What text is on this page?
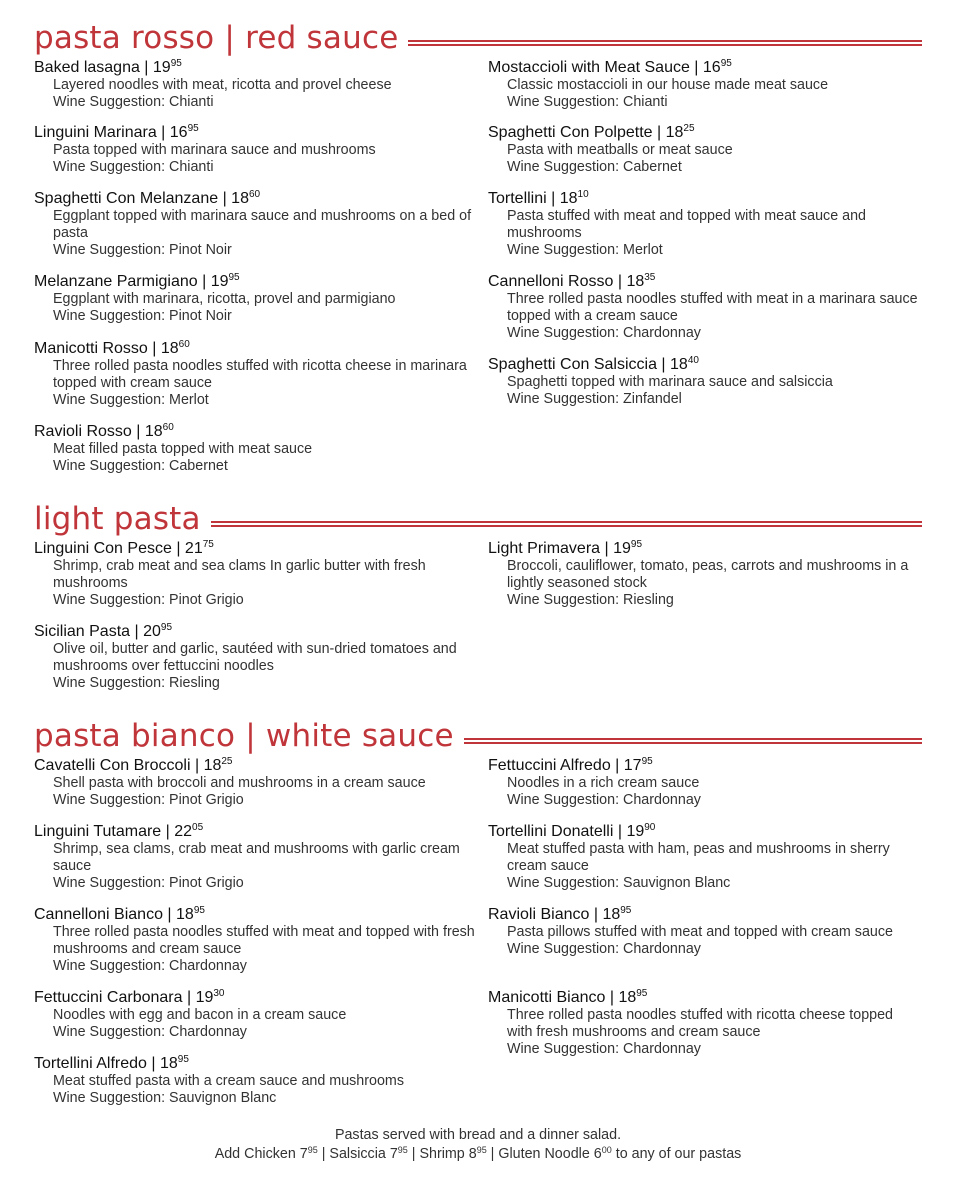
pasta rosso | red sauce
Baked lasagna | $19^{95}$
Layered noodles with meat, ricotta and provel cheese
Wine Suggestion: Chianti
Linguini Marinara | $16^{95}$
Pasta topped with marinara sauce and mushrooms
Wine Suggestion: Chianti
Spaghetti Con Melanzane | $18^{60}$
Eggplant topped with marinara sauce and mushrooms on a bed of pasta
Wine Suggestion: Pinot Noir
Melanzane Parmigiano | $19^{95}$
Eggplant with marinara, ricotta, provel and parmigiano
Wine Suggestion: Pinot Noir
Manicotti Rosso | $18^{60}$
Three rolled pasta noodles stuffed with ricotta cheese in marinara topped with cream sauce
Wine Suggestion: Merlot
Ravioli Rosso | $18^{60}$
Meat filled pasta topped with meat sauce
Wine Suggestion: Cabernet
Mostaccioli with Meat Sauce | $16^{95}$
Classic mostaccioli in our house made meat sauce
Wine Suggestion: Chianti
Spaghetti Con Polpette | $18^{25}$
Pasta with meatballs or meat sauce
Wine Suggestion: Cabernet
Tortellini | $18^{10}$
Pasta stuffed with meat and topped with meat sauce and mushrooms
Wine Suggestion: Merlot
Cannelloni Rosso | $18^{35}$
Three rolled pasta noodles stuffed with meat in a marinara sauce topped with a cream sauce
Wine Suggestion: Chardonnay
Spaghetti Con Salsiccia | $18^{40}$
Spaghetti topped with marinara sauce and salsiccia
Wine Suggestion: Zinfandel
light pasta
Linguini Con Pesce | $21^{75}$
Shrimp, crab meat and sea clams In garlic butter with fresh mushrooms
Wine Suggestion: Pinot Grigio
Sicilian Pasta | $20^{95}$
Olive oil, butter and garlic, sautéed with sun-dried tomatoes and mushrooms over fettuccini noodles
Wine Suggestion: Riesling
Light Primavera | $19^{95}$
Broccoli, cauliflower, tomato, peas, carrots and mushrooms in a lightly seasoned stock
Wine Suggestion: Riesling
pasta bianco | white sauce
Cavatelli Con Broccoli | $18^{25}$
Shell pasta with broccoli and mushrooms in a cream sauce
Wine Suggestion: Pinot Grigio
Linguini Tutamare | $22^{05}$
Shrimp, sea clams, crab meat and mushrooms with garlic cream sauce
Wine Suggestion: Pinot Grigio
Cannelloni Bianco | $18^{95}$
Three rolled pasta noodles stuffed with meat and topped with fresh mushrooms and cream sauce
Wine Suggestion: Chardonnay
Fettuccini Carbonara | $19^{30}$
Noodles with egg and bacon in a cream sauce
Wine Suggestion: Chardonnay
Tortellini Alfredo | $18^{95}$
Meat stuffed pasta with a cream sauce and mushrooms
Wine Suggestion: Sauvignon Blanc
Fettuccini Alfredo | $17^{95}$
Noodles in a rich cream sauce
Wine Suggestion: Chardonnay
Tortellini Donatelli | $19^{90}$
Meat stuffed pasta with ham, peas and mushrooms in sherry cream sauce
Wine Suggestion: Sauvignon Blanc
Ravioli Bianco | $18^{95}$
Pasta pillows stuffed with meat and topped with cream sauce
Wine Suggestion: Chardonnay
Manicotti Bianco | $18^{95}$
Three rolled pasta noodles stuffed with ricotta cheese topped with fresh mushrooms and cream sauce
Wine Suggestion: Chardonnay
Pastas served with bread and a dinner salad.
Add Chicken $7^{95}$ | Salsiccia $7^{95}$ | Shrimp $8^{95}$ | Gluten Noodle $6^{00}$ to any of our pastas
